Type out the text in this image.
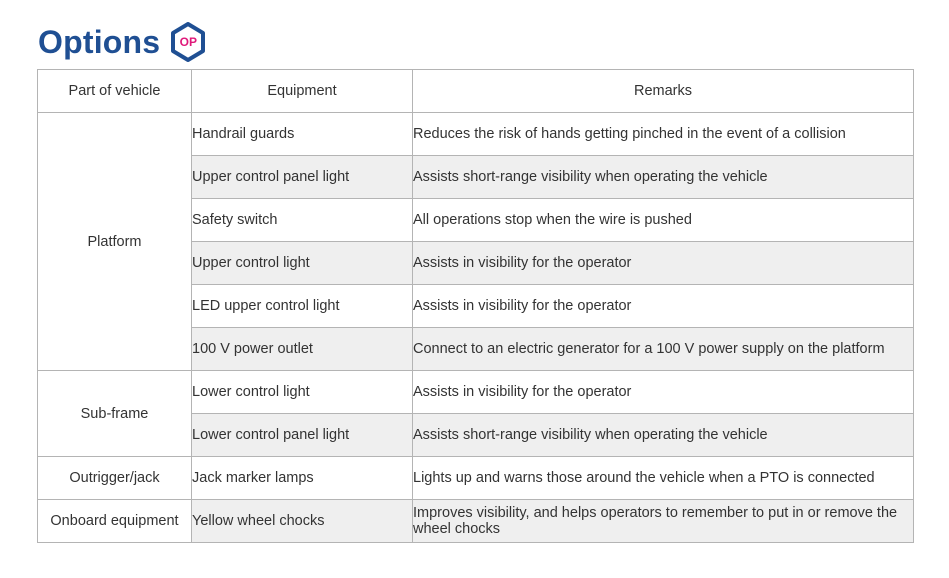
Options	OP
Part of vehicle	Equipment	Remarks
Platform	Handrail guards	Reduces the risk of hands getting pinched in the event of a collision
	Upper control panel light	Assists short-range visibility when operating the vehicle
	Safety switch	All operations stop when the wire is pushed
	Upper control light	Assists in visibility for the operator
	LED upper control light	Assists in visibility for the operator
	100 V power outlet	Connect to an electric generator for a 100 V power supply on the platform
Sub-frame	Lower control light	Assists in visibility for the operator
	Lower control panel light	Assists short-range visibility when operating the vehicle
Outrigger/jack	Jack marker lamps	Lights up and warns those around the vehicle when a PTO is connected
Onboard equipment	Yellow wheel chocks	Improves visibility, and helps operators to remember to put in or remove the wheel chocks
